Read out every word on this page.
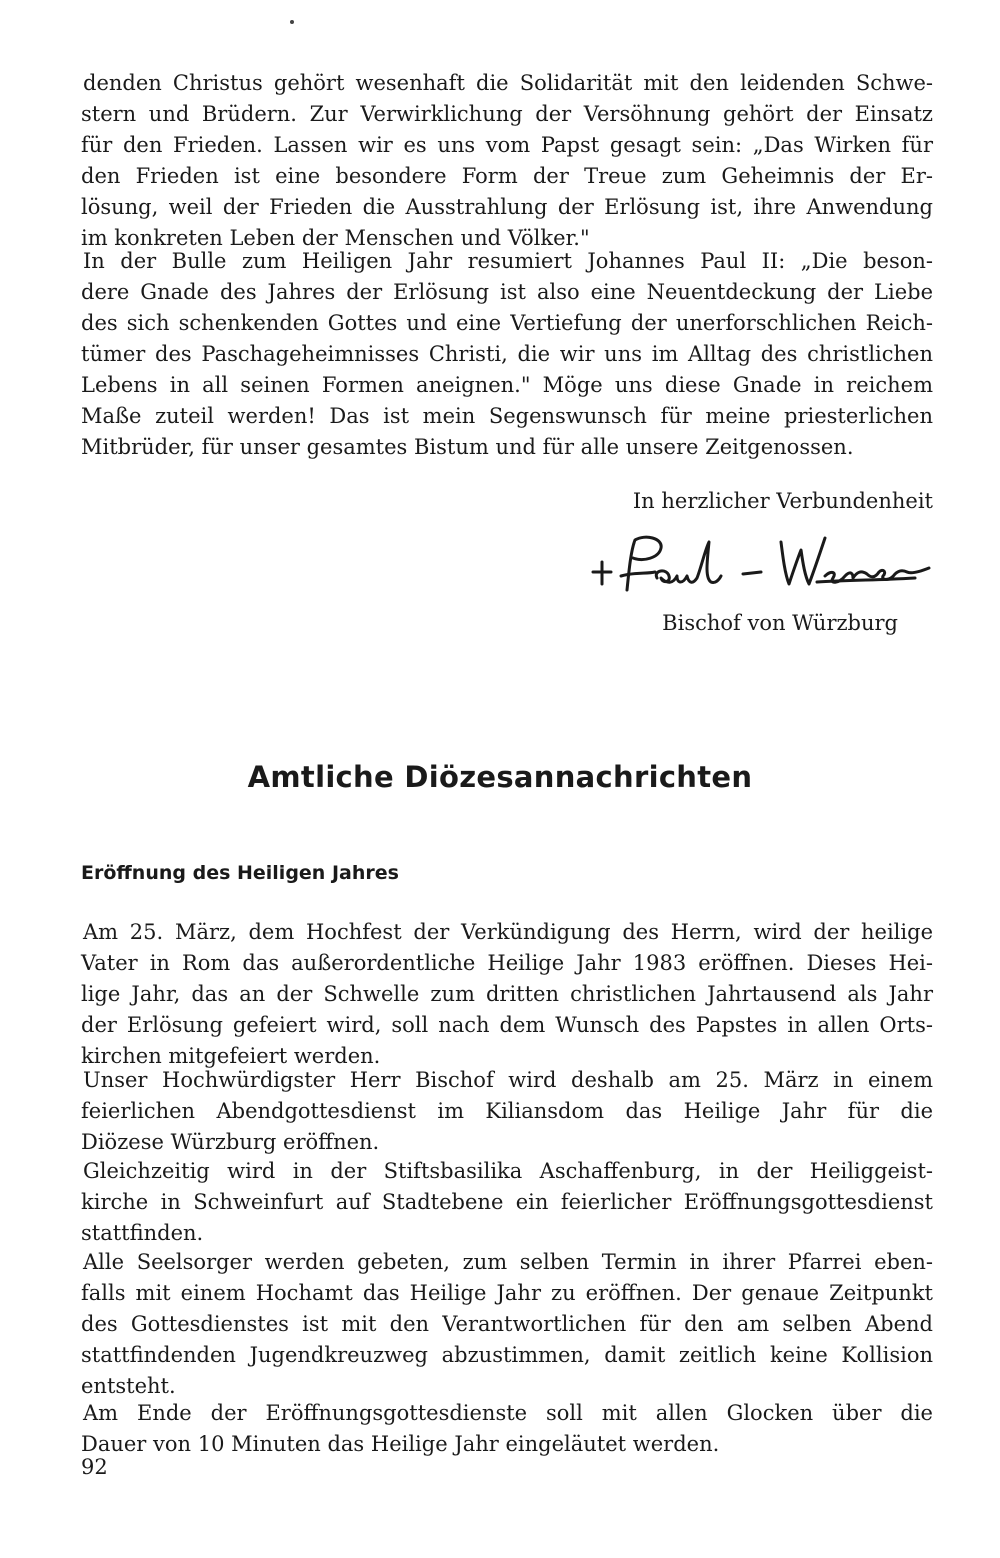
denden Christus gehört wesenhaft die Solidarität mit den leidenden Schwe-
stern und Brüdern. Zur Verwirklichung der Versöhnung gehört der Einsatz
für den Frieden. Lassen wir es uns vom Papst gesagt sein: „Das Wirken für
den Frieden ist eine besondere Form der Treue zum Geheimnis der Er-
lösung, weil der Frieden die Ausstrahlung der Erlösung ist, ihre Anwendung
im konkreten Leben der Menschen und Völker."
In der Bulle zum Heiligen Jahr resumiert Johannes Paul II: „Die beson-
dere Gnade des Jahres der Erlösung ist also eine Neuentdeckung der Liebe
des sich schenkenden Gottes und eine Vertiefung der unerforschlichen Reich-
tümer des Paschageheimnisses Christi, die wir uns im Alltag des christlichen
Lebens in all seinen Formen aneignen." Möge uns diese Gnade in reichem
Maße zuteil werden! Das ist mein Segenswunsch für meine priesterlichen
Mitbrüder, für unser gesamtes Bistum und für alle unsere Zeitgenossen.
In herzlicher Verbundenheit
Bischof von Würzburg
Amtliche Diözesannachrichten
Eröffnung des Heiligen Jahres
Am 25. März, dem Hochfest der Verkündigung des Herrn, wird der heilige
Vater in Rom das außerordentliche Heilige Jahr 1983 eröffnen. Dieses Hei-
lige Jahr, das an der Schwelle zum dritten christlichen Jahrtausend als Jahr
der Erlösung gefeiert wird, soll nach dem Wunsch des Papstes in allen Orts-
kirchen mitgefeiert werden.
Unser Hochwürdigster Herr Bischof wird deshalb am 25. März in einem
feierlichen Abendgottesdienst im Kiliansdom das Heilige Jahr für die
Diözese Würzburg eröffnen.
Gleichzeitig wird in der Stiftsbasilika Aschaffenburg, in der Heiliggeist-
kirche in Schweinfurt auf Stadtebene ein feierlicher Eröffnungsgottesdienst
stattfinden.
Alle Seelsorger werden gebeten, zum selben Termin in ihrer Pfarrei eben-
falls mit einem Hochamt das Heilige Jahr zu eröffnen. Der genaue Zeitpunkt
des Gottesdienstes ist mit den Verantwortlichen für den am selben Abend
stattfindenden Jugendkreuzweg abzustimmen, damit zeitlich keine Kollision
entsteht.
Am Ende der Eröffnungsgottesdienste soll mit allen Glocken über die
Dauer von 10 Minuten das Heilige Jahr eingeläutet werden.
92
